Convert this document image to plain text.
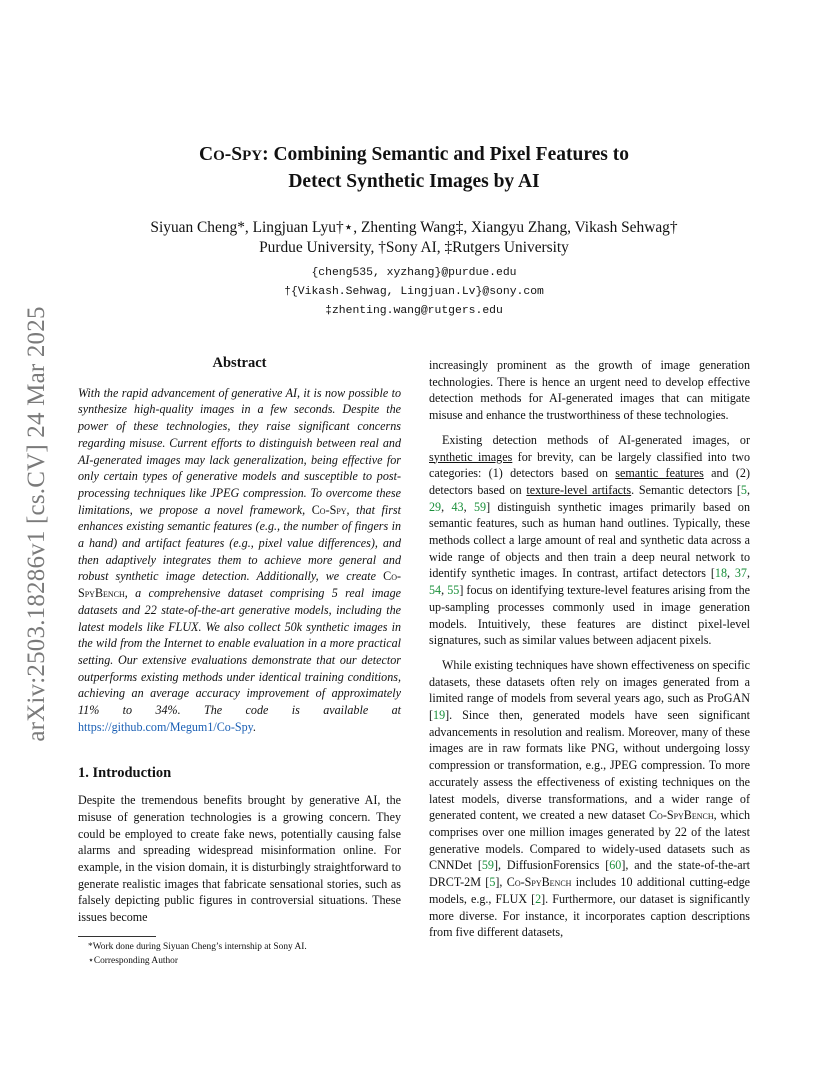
arXiv:2503.18286v1 [cs.CV] 24 Mar 2025
CO-SPY: Combining Semantic and Pixel Features to
Detect Synthetic Images by AI
Siyuan Cheng*, Lingjuan Lyu†⋆, Zhenting Wang‡, Xiangyu Zhang, Vikash Sehwag†
Purdue University, †Sony AI, ‡Rutgers University
{cheng535, xyzhang}@purdue.edu
†{Vikash.Sehwag, Lingjuan.Lv}@sony.com
‡zhenting.wang@rutgers.edu
Abstract

With the rapid advancement of generative AI, it is now possible to synthesize high-quality images in a few seconds. Despite the power of these technologies, they raise significant concerns regarding misuse. Current efforts to distinguish between real and AI-generated images may lack generalization, being effective for only certain types of generative models and susceptible to post-processing techniques like JPEG compression. To overcome these limitations, we propose a novel framework, Co-Spy, that first enhances existing semantic features (e.g., the number of fingers in a hand) and artifact features (e.g., pixel value differences), and then adaptively integrates them to achieve more general and robust synthetic image detection. Additionally, we create Co-SpyBench, a comprehensive dataset comprising 5 real image datasets and 22 state-of-the-art generative models, including the latest models like FLUX. We also collect 50k synthetic images in the wild from the Internet to enable evaluation in a more practical setting. Our extensive evaluations demonstrate that our detector outperforms existing methods under identical training conditions, achieving an average accuracy improvement of approximately 11% to 34%. The code is available at https://github.com/Megum1/Co-Spy.

1. Introduction

Despite the tremendous benefits brought by generative AI, the misuse of generation technologies is a growing concern. They could be employed to create fake news, potentially causing false alarms and spreading widespread misinformation online. For example, in the vision domain, it is disturbingly straightforward to generate realistic images that fabricate sensational stories, such as falsely depicting public figures in controversial situations. These issues become

*Work done during Siyuan Cheng’s internship at Sony AI.
⋆Corresponding Author

increasingly prominent as the growth of image generation technologies. There is hence an urgent need to develop effective detection methods for AI-generated images that can mitigate misuse and enhance the trustworthiness of these technologies.

Existing detection methods of AI-generated images, or synthetic images for brevity, can be largely classified into two categories: (1) detectors based on semantic features and (2) detectors based on texture-level artifacts. Semantic detectors [5, 29, 43, 59] distinguish synthetic images primarily based on semantic features, such as human hand outlines. Typically, these methods collect a large amount of real and synthetic data across a wide range of objects and then train a deep neural network to identify synthetic images. In contrast, artifact detectors [18, 37, 54, 55] focus on identifying texture-level features arising from the up-sampling processes commonly used in image generation models. Intuitively, these features are distinct pixel-level signatures, such as similar values between adjacent pixels.

While existing techniques have shown effectiveness on specific datasets, these datasets often rely on images generated from a limited range of models from several years ago, such as ProGAN [19]. Since then, generated models have seen significant advancements in resolution and realism. Moreover, many of these images are in raw formats like PNG, without undergoing lossy compression or transformation, e.g., JPEG compression. To more accurately assess the effectiveness of existing techniques on the latest models, diverse transformations, and a wider range of generated content, we created a new dataset Co-SpyBench, which comprises over one million images generated by 22 of the latest generative models. Compared to widely-used datasets such as CNNDet [59], DiffusionForensics [60], and the state-of-the-art DRCT-2M [5], Co-SpyBench includes 10 additional cutting-edge models, e.g., FLUX [2]. Furthermore, our dataset is significantly more diverse. For instance, it incorporates caption descriptions from five different datasets,
